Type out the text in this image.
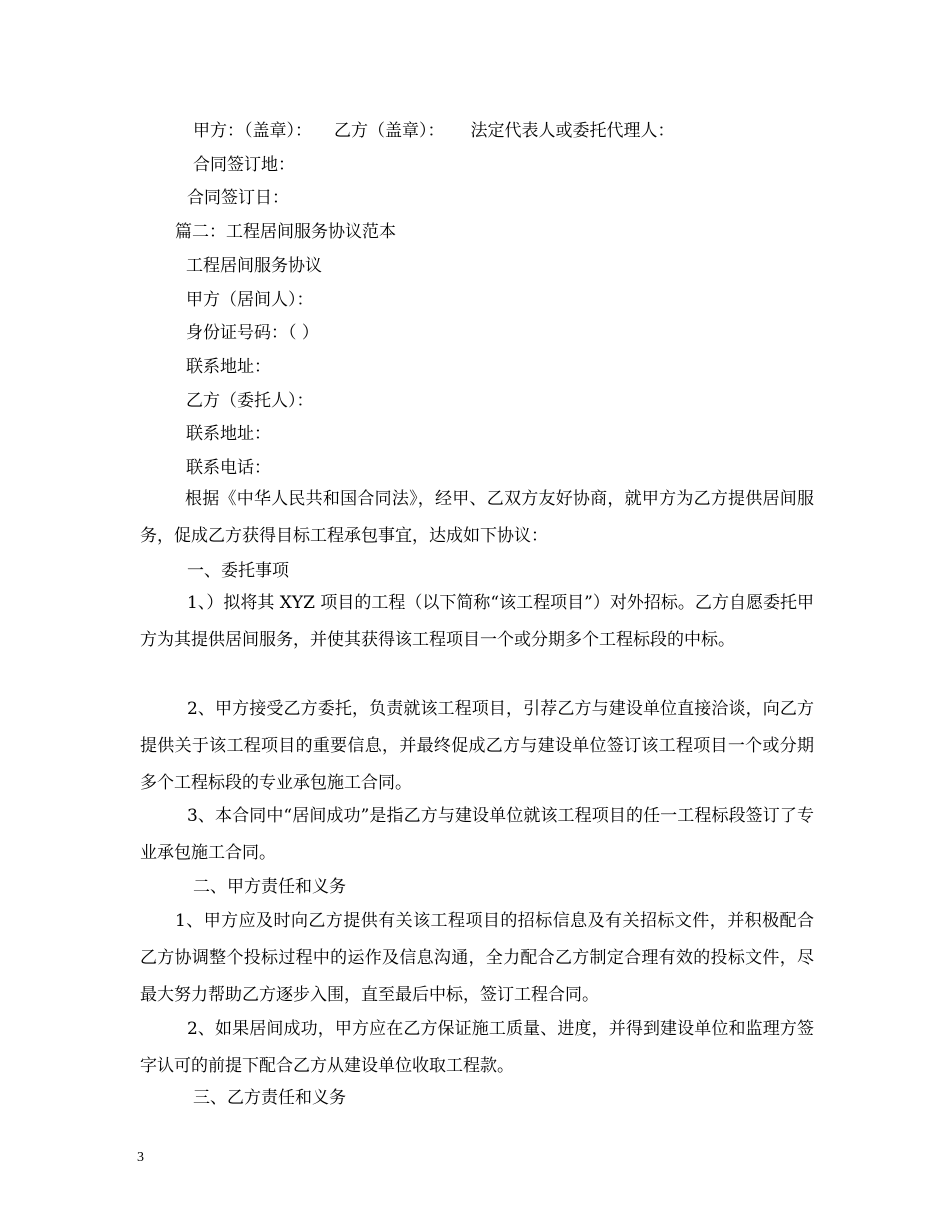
甲方：（盖章）： 乙方（盖章）： 法定代表人或委托代理人：
合同签订地：
合同签订日：
篇二：工程居间服务协议范本
工程居间服务协议
甲方（居间人）：
身份证号码：（ ）
联系地址：
乙方（委托人）：
联系地址：
联系电话：
根据《中华人民共和国合同法》，经甲、乙双方友好协商，就甲方为乙方提供居间服务，促成乙方获得目标工程承包事宜，达成如下协议：
一、委托事项
1、）拟将其 XYZ 项目的工程（以下简称“该工程项目”）对外招标。乙方自愿委托甲方为其提供居间服务，并使其获得该工程项目一个或分期多个工程标段的中标。
2、甲方接受乙方委托，负责就该工程项目，引荐乙方与建设单位直接洽谈，向乙方提供关于该工程项目的重要信息，并最终促成乙方与建设单位签订该工程项目一个或分期多个工程标段的专业承包施工合同。
3、本合同中“居间成功”是指乙方与建设单位就该工程项目的任一工程标段签订了专业承包施工合同。
二、甲方责任和义务
1、甲方应及时向乙方提供有关该工程项目的招标信息及有关招标文件，并积极配合乙方协调整个投标过程中的运作及信息沟通，全力配合乙方制定合理有效的投标文件，尽最大努力帮助乙方逐步入围，直至最后中标，签订工程合同。
2、如果居间成功，甲方应在乙方保证施工质量、进度，并得到建设单位和监理方签字认可的前提下配合乙方从建设单位收取工程款。
三、乙方责任和义务
3
